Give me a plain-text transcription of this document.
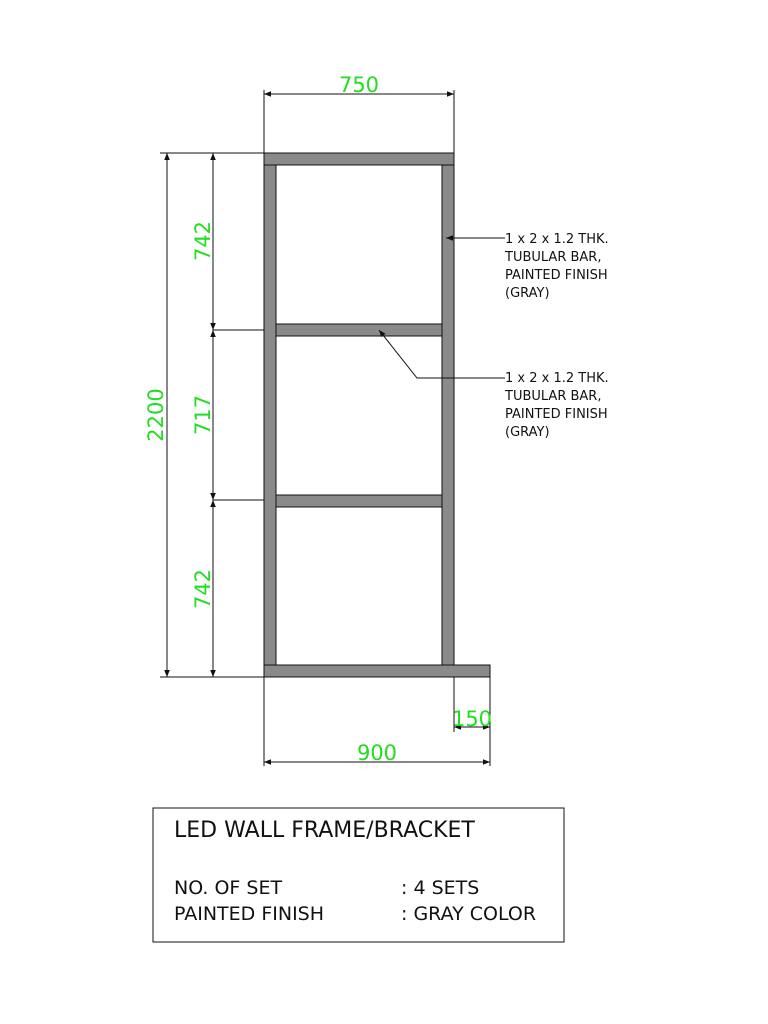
750
2200
742
717
742
150
900
1 x 2 x 1.2 THK. TUBULAR BAR, PAINTED FINISH (GRAY)
1 x 2 x 1.2 THK. TUBULAR BAR, PAINTED FINISH (GRAY)
LED WALL FRAME/BRACKET
NO. OF SET	: 4 SETS
PAINTED FINISH	: GRAY COLOR
